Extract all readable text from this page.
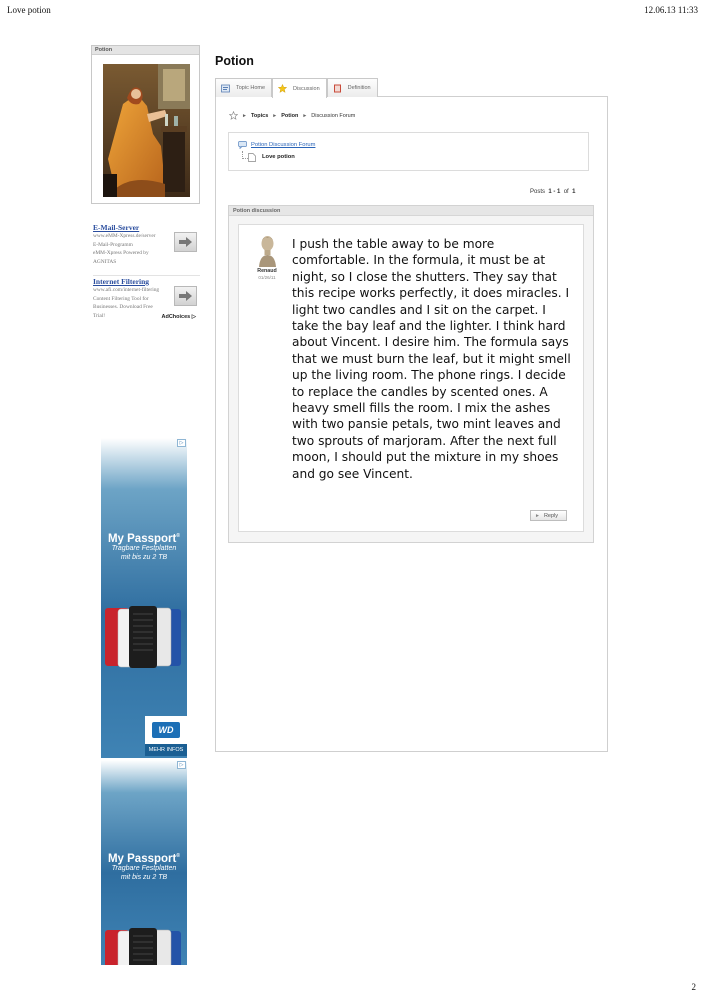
Love potion	12.06.13 11:33
2
Potion
E-Mail-Server
www.eMM-Xpress.de/server
E-Mail-Programm
eMM-Xpress Powered by
AGNITAS
Internet Filtering
www.afi.com/internet-filtering
Content Filtering Tool for
Businesses. Download Free
Trial!	AdChoices ▷
▷
My Passport®
Tragbare Festplatten
mit bis zu 2 TB
WD
MEHR INFOS
▷
My Passport®
Tragbare Festplatten
mit bis zu 2 TB
Potion
Topic Home	Discussion	Definition
► Topics ► Potion ► Discussion Forum
Potion Discussion Forum
Love potion
Posts 1 - 1 of 1
Potion discussion
Renaud
01/26/11
I push the table away to be more comfortable. In the formula, it must be at night, so I close the shutters. They say that this recipe works perfectly, it does miracles. I light two candles and I sit on the carpet. I take the bay leaf and the lighter. I think hard about Vincent. I desire him. The formula says that we must burn the leaf, but it might smell up the living room. The phone rings. I decide to replace the candles by scented ones. A heavy smell fills the room. I mix the ashes with two pansie petals, two mint leaves and two sprouts of marjoram. After the next full moon, I should put the mixture in my shoes and go see Vincent.
► Reply
